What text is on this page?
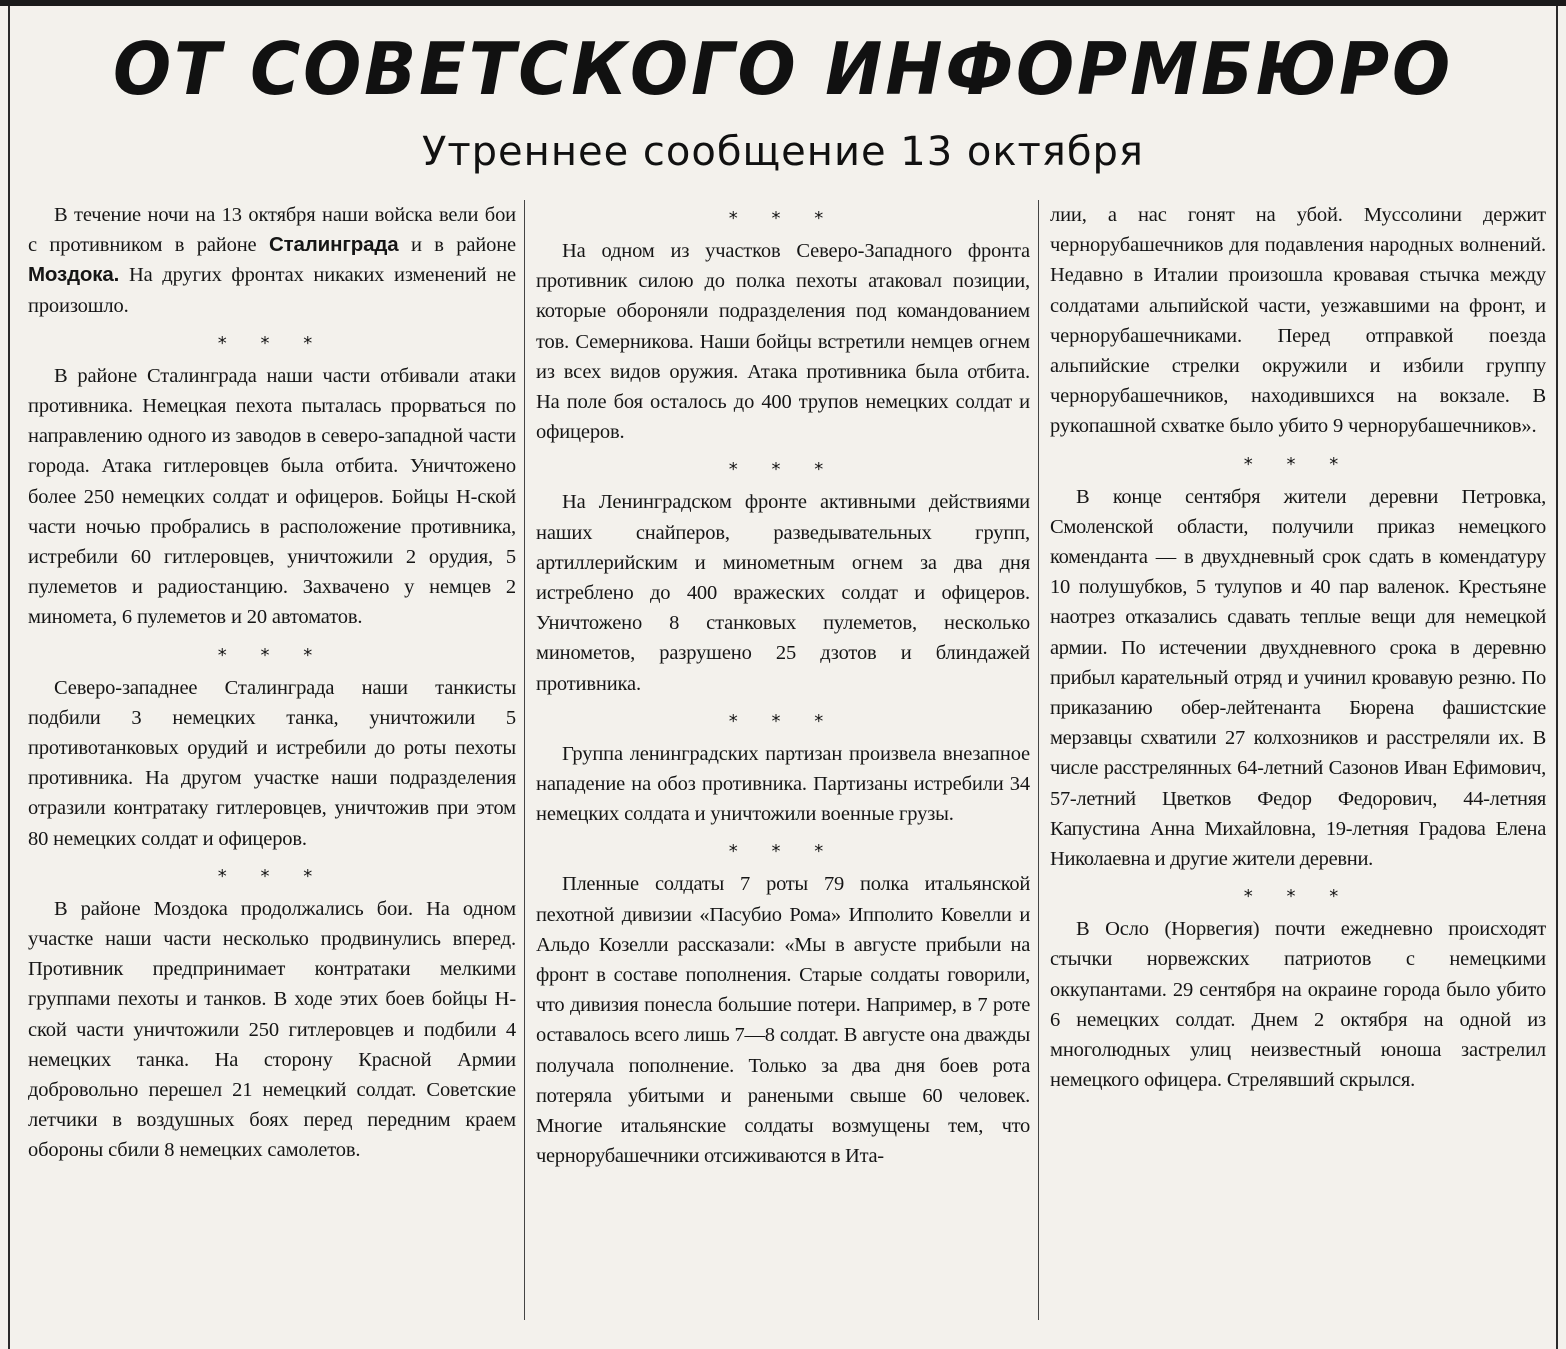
ОТ СОВЕТСКОГО ИНФОРМБЮРО
Утреннее сообщение 13 октября

В течение ночи на 13 октября наши войска вели бои с противником в районе Сталинграда и в районе Моздока. На других фронтах никаких изменений не произошло.

* * *

В районе Сталинграда наши части отбивали атаки противника. Немецкая пехота пыталась прорваться по направлению одного из заводов в северо-западной части города. Атака гитлеровцев была отбита. Уничтожено более 250 немецких солдат и офицеров. Бойцы Н-ской части ночью пробрались в расположение противника, истребили 60 гитлеровцев, уничтожили 2 орудия, 5 пулеметов и радиостанцию. Захвачено у немцев 2 миномета, 6 пулеметов и 20 автоматов.

* * *

Северо-западнее Сталинграда наши танкисты подбили 3 немецких танка, уничтожили 5 противотанковых орудий и истребили до роты пехоты противника. На другом участке наши подразделения отразили контратаку гитлеровцев, уничтожив при этом 80 немецких солдат и офицеров.

* * *

В районе Моздока продолжались бои. На одном участке наши части несколько продвинулись вперед. Противник предпринимает контратаки мелкими группами пехоты и танков. В ходе этих боев бойцы Н-ской части уничтожили 250 гитлеровцев и подбили 4 немецких танка. На сторону Красной Армии добровольно перешел 21 немецкий солдат. Советские летчики в воздушных боях перед передним краем обороны сбили 8 немецких самолетов.

* * *

На одном из участков Северо-Западного фронта противник силою до полка пехоты атаковал позиции, которые обороняли подразделения под командованием тов. Семерникова. Наши бойцы встретили немцев огнем из всех видов оружия. Атака противника была отбита. На поле боя осталось до 400 трупов немецких солдат и офицеров.

* * *

На Ленинградском фронте активными действиями наших снайперов, разведывательных групп, артиллерийским и минометным огнем за два дня истреблено до 400 вражеских солдат и офицеров. Уничтожено 8 станковых пулеметов, несколько минометов, разрушено 25 дзотов и блиндажей противника.

* * *

Группа ленинградских партизан произвела внезапное нападение на обоз противника. Партизаны истребили 34 немецких солдата и уничтожили военные грузы.

* * *

Пленные солдаты 7 роты 79 полка итальянской пехотной дивизии «Пасубио Рома» Ипполито Ковелли и Альдо Козелли рассказали: «Мы в августе прибыли на фронт в составе пополнения. Старые солдаты говорили, что дивизия понесла большие потери. Например, в 7 роте оставалось всего лишь 7—8 солдат. В августе она дважды получала пополнение. Только за два дня боев рота потеряла убитыми и ранеными свыше 60 человек. Многие итальянские солдаты возмущены тем, что чернорубашечники отсиживаются в Ита-

лии, а нас гонят на убой. Муссолини держит чернорубашечников для подавления народных волнений. Недавно в Италии произошла кровавая стычка между солдатами альпийской части, уезжавшими на фронт, и чернорубашечниками. Перед отправкой поезда альпийские стрелки окружили и избили группу чернорубашечников, находившихся на вокзале. В рукопашной схватке было убито 9 чернорубашечников».

* * *

В конце сентября жители деревни Петровка, Смоленской области, получили приказ немецкого коменданта — в двухдневный срок сдать в комендатуру 10 полушубков, 5 тулупов и 40 пар валенок. Крестьяне наотрез отказались сдавать теплые вещи для немецкой армии. По истечении двухдневного срока в деревню прибыл карательный отряд и учинил кровавую резню. По приказанию обер-лейтенанта Бюрена фашистские мерзавцы схватили 27 колхозников и расстреляли их. В числе расстрелянных 64-летний Сазонов Иван Ефимович, 57-летний Цветков Федор Федорович, 44-летняя Капустина Анна Михайловна, 19-летняя Градова Елена Николаевна и другие жители деревни.

* * *

В Осло (Норвегия) почти ежедневно происходят стычки норвежских патриотов с немецкими оккупантами. 29 сентября на окраине города было убито 6 немецких солдат. Днем 2 октября на одной из многолюдных улиц неизвестный юноша застрелил немецкого офицера. Стрелявший скрылся.
